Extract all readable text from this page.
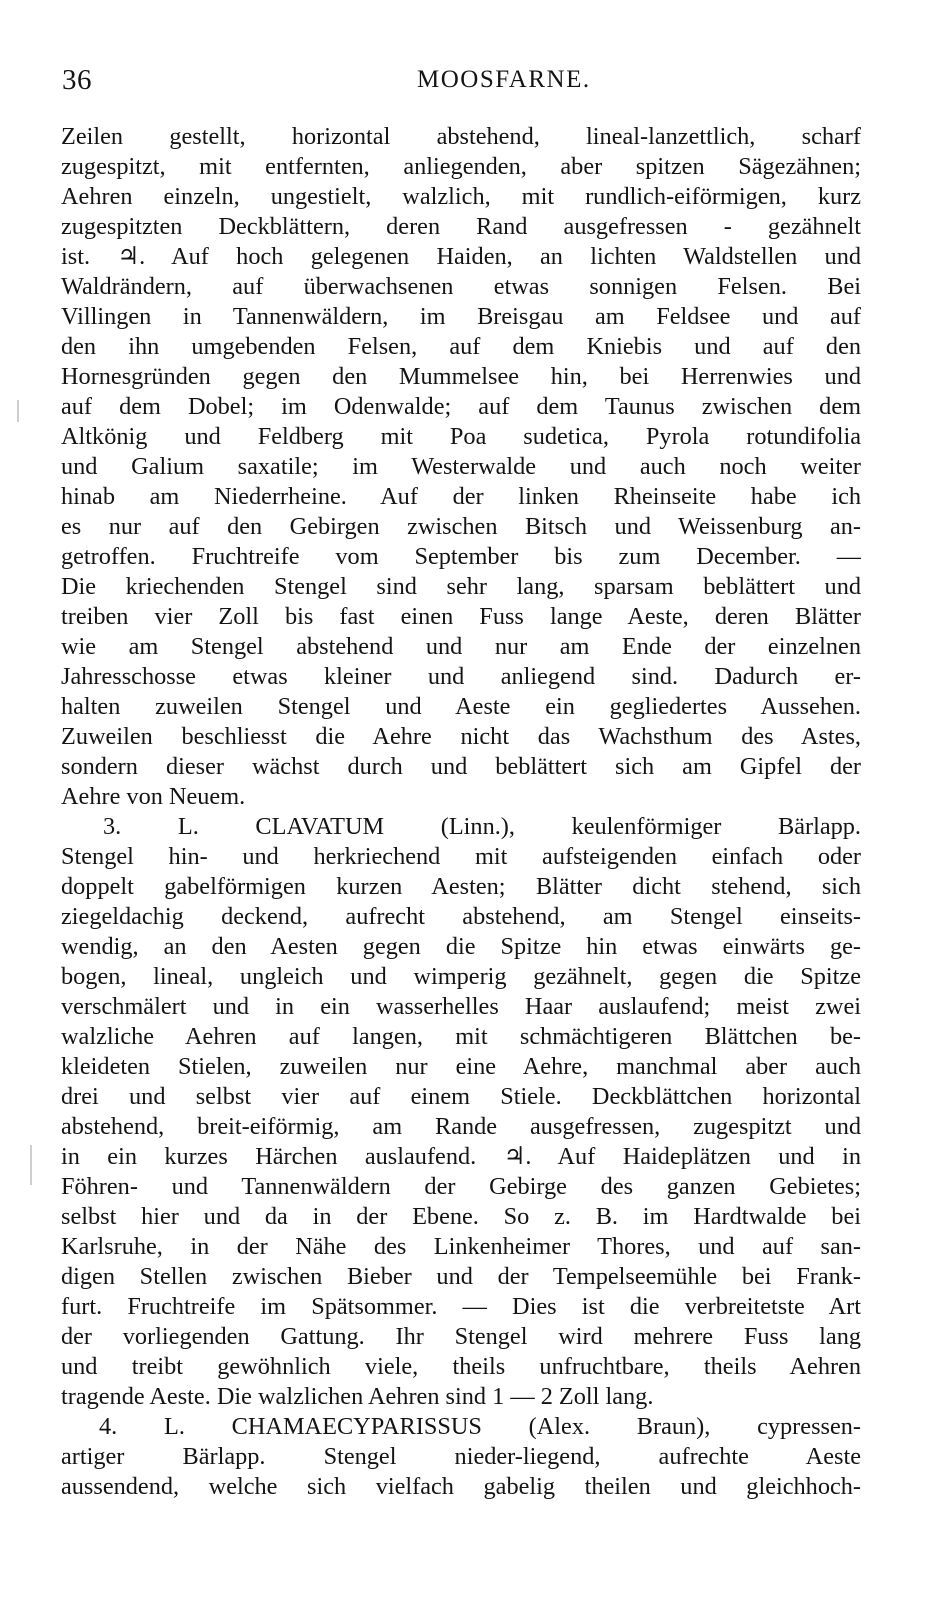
36	MOOSFARNE.
Zeilen gestellt, horizontal abstehend, lineal-lanzettlich, scharf
zugespitzt, mit entfernten, anliegenden, aber spitzen Sägezähnen;
Aehren einzeln, ungestielt, walzlich, mit rundlich-eiförmigen, kurz
zugespitzten Deckblättern, deren Rand ausgefressen - gezähnelt
ist. ♃. Auf hoch gelegenen Haiden, an lichten Waldstellen und
Waldrändern, auf überwachsenen etwas sonnigen Felsen. Bei
Villingen in Tannenwäldern, im Breisgau am Feldsee und auf
den ihn umgebenden Felsen, auf dem Kniebis und auf den
Hornesgründen gegen den Mummelsee hin, bei Herrenwies und
auf dem Dobel; im Odenwalde; auf dem Taunus zwischen dem
Altkönig und Feldberg mit Poa sudetica, Pyrola rotundifolia
und Galium saxatile; im Westerwalde und auch noch weiter
hinab am Niederrheine. Auf der linken Rheinseite habe ich
es nur auf den Gebirgen zwischen Bitsch und Weissenburg an-
getroffen. Fruchtreife vom September bis zum December. —
Die kriechenden Stengel sind sehr lang, sparsam beblättert und
treiben vier Zoll bis fast einen Fuss lange Aeste, deren Blätter
wie am Stengel abstehend und nur am Ende der einzelnen
Jahresschosse etwas kleiner und anliegend sind. Dadurch er-
halten zuweilen Stengel und Aeste ein gegliedertes Aussehen.
Zuweilen beschliesst die Aehre nicht das Wachsthum des Astes,
sondern dieser wächst durch und beblättert sich am Gipfel der
Aehre von Neuem.
3. L. CLAVATUM (Linn.), keulenförmiger Bärlapp.
Stengel hin- und herkriechend mit aufsteigenden einfach oder
doppelt gabelförmigen kurzen Aesten; Blätter dicht stehend, sich
ziegeldachig deckend, aufrecht abstehend, am Stengel einseits-
wendig, an den Aesten gegen die Spitze hin etwas einwärts ge-
bogen, lineal, ungleich und wimperig gezähnelt, gegen die Spitze
verschmälert und in ein wasserhelles Haar auslaufend; meist zwei
walzliche Aehren auf langen, mit schmächtigeren Blättchen be-
kleideten Stielen, zuweilen nur eine Aehre, manchmal aber auch
drei und selbst vier auf einem Stiele. Deckblättchen horizontal
abstehend, breit-eiförmig, am Rande ausgefressen, zugespitzt und
in ein kurzes Härchen auslaufend. ♃. Auf Haideplätzen und in
Föhren- und Tannenwäldern der Gebirge des ganzen Gebietes;
selbst hier und da in der Ebene. So z. B. im Hardtwalde bei
Karlsruhe, in der Nähe des Linkenheimer Thores, und auf san-
digen Stellen zwischen Bieber und der Tempelseemühle bei Frank-
furt. Fruchtreife im Spätsommer. — Dies ist die verbreitetste Art
der vorliegenden Gattung. Ihr Stengel wird mehrere Fuss lang
und treibt gewöhnlich viele, theils unfruchtbare, theils Aehren
tragende Aeste. Die walzlichen Aehren sind 1 — 2 Zoll lang.
4. L. CHAMAECYPARISSUS (Alex. Braun), cypressen-
artiger Bärlapp. Stengel nieder-liegend, aufrechte Aeste
aussendend, welche sich vielfach gabelig theilen und gleichhoch-
